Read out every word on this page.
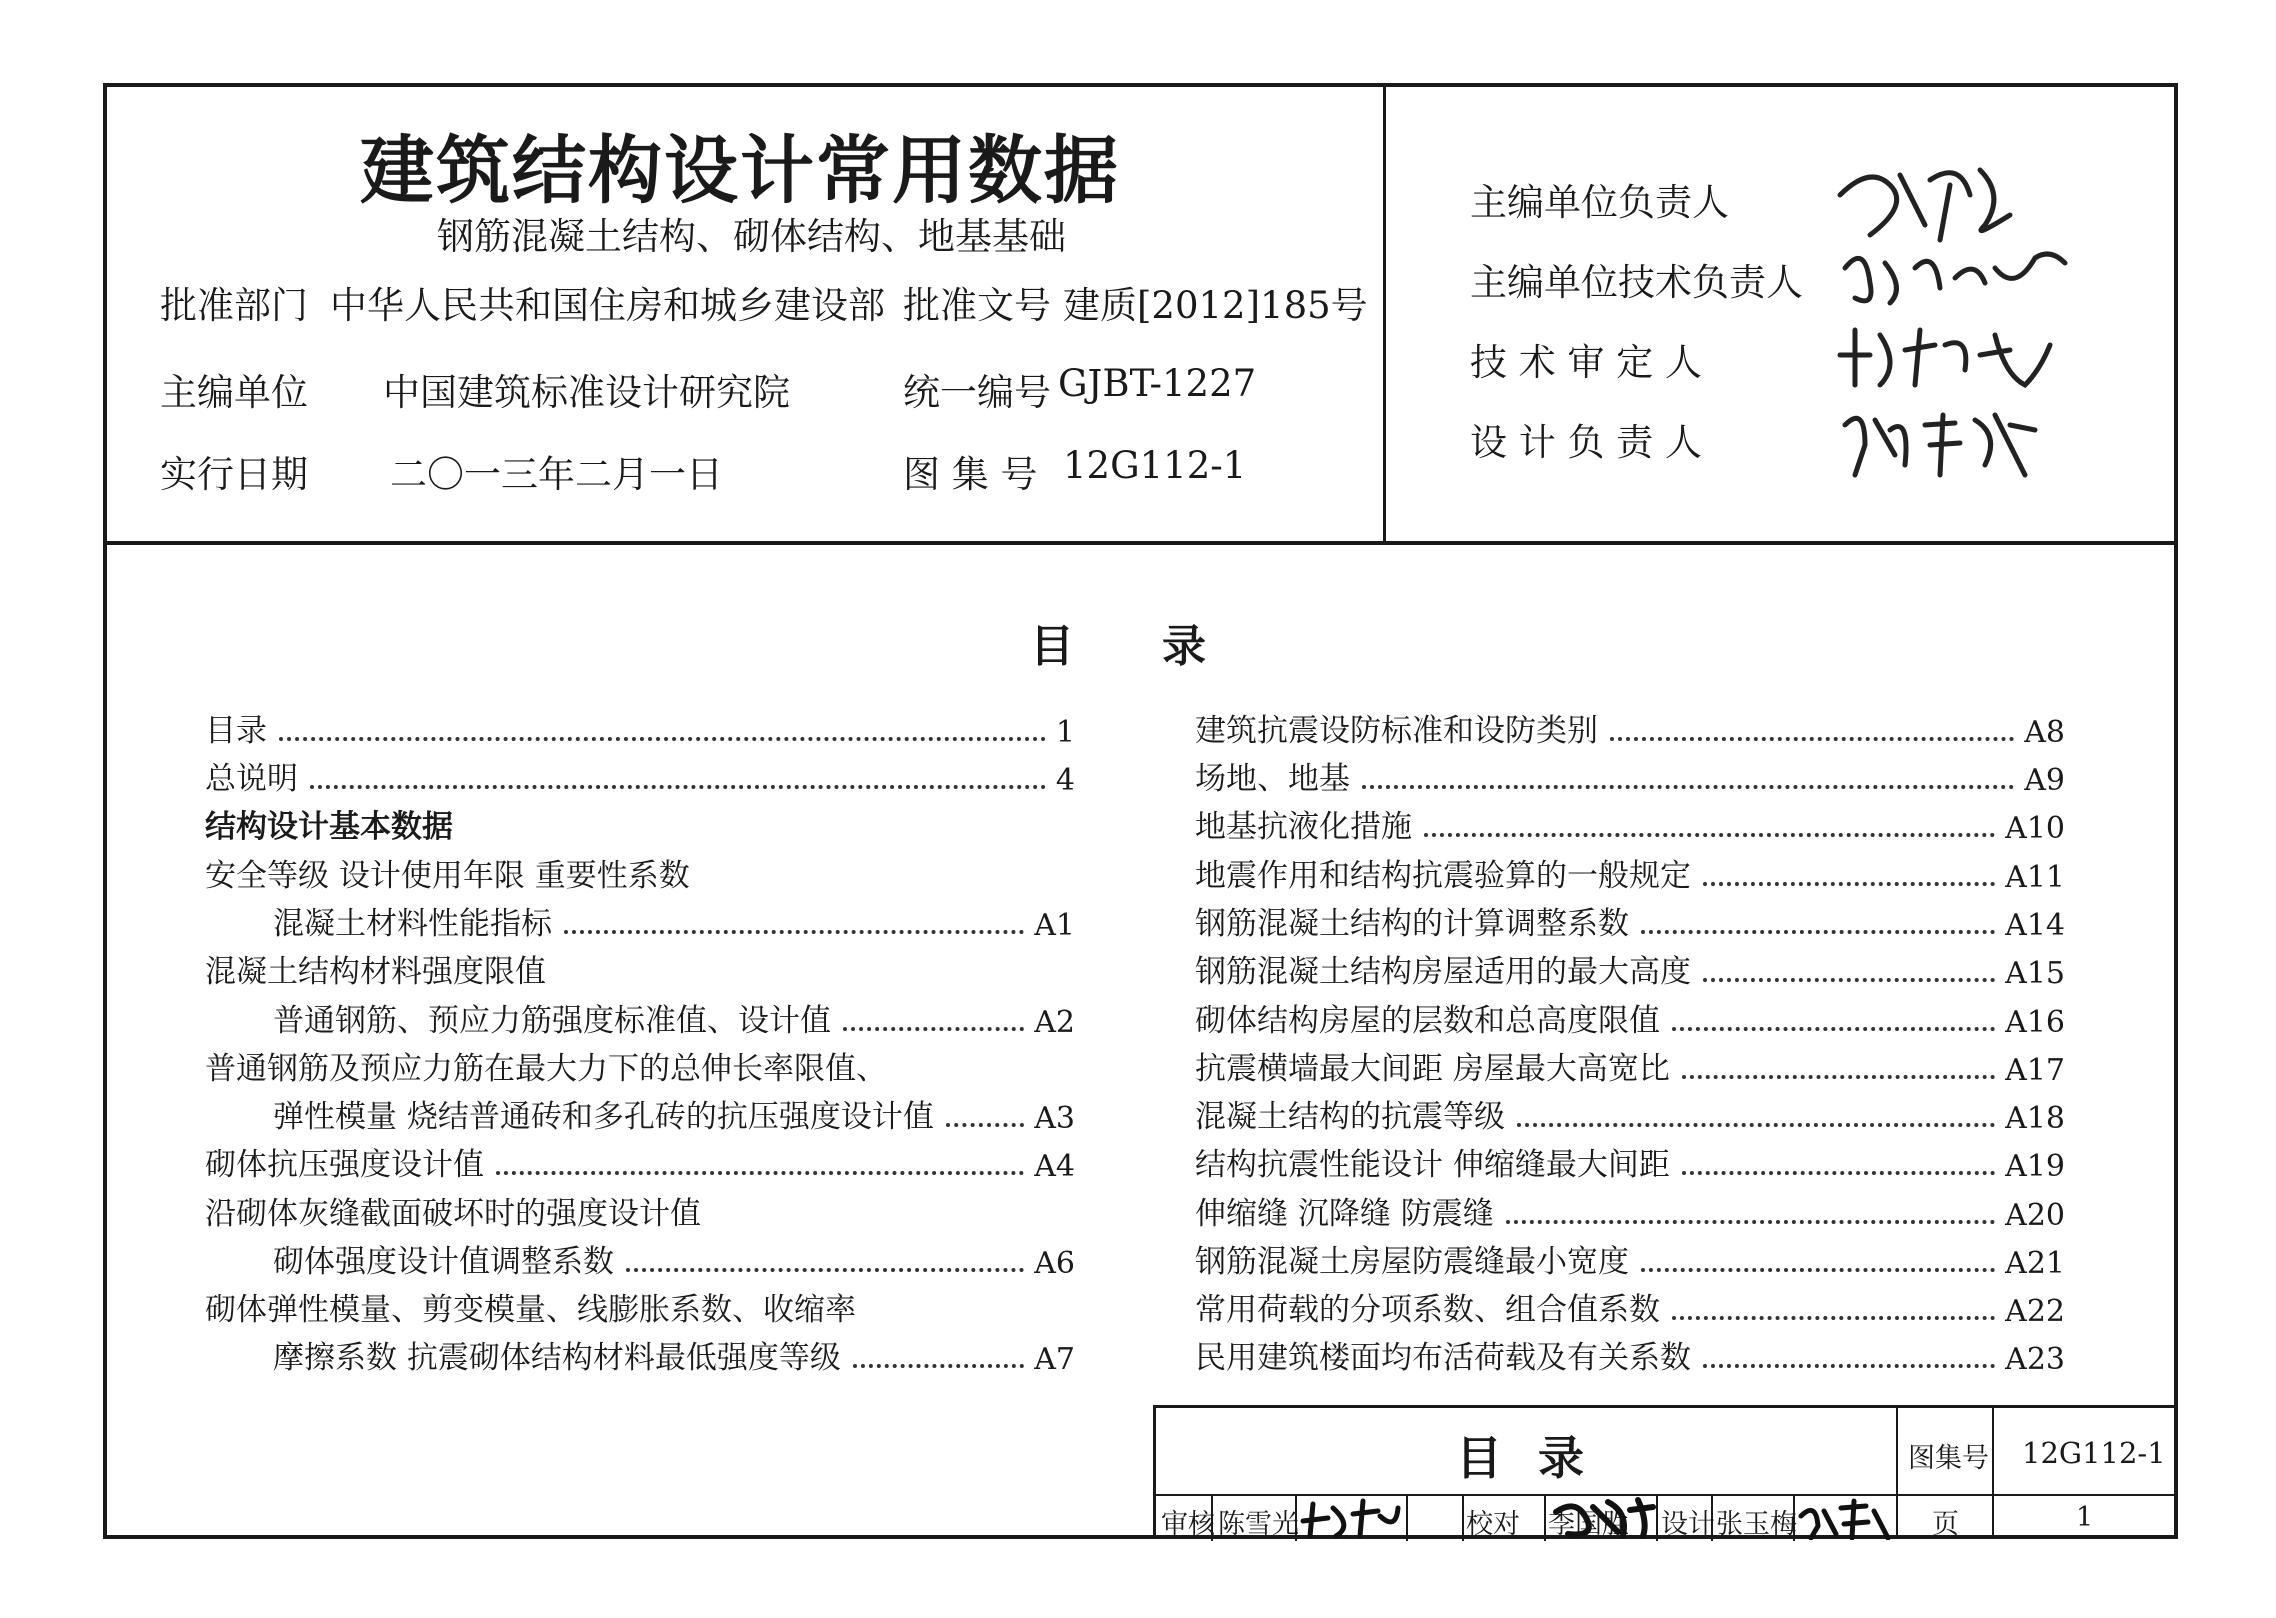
建筑结构设计常用数据
钢筋混凝土结构、砌体结构、地基基础
批准部门 中华人民共和国住房和城乡建设部 批准文号 建质[2012]185号
主编单位 中国建筑标准设计研究院	统一编号 GJBT-1227
实行日期 二〇一三年二月一日	图 集 号 12G112-1
主编单位负责人
主编单位技术负责人
技 术 审 定 人
设 计 负 责 人
目　　录
目录	1
总说明	4
结构设计基本数据
安全等级 设计使用年限 重要性系数
混凝土材料性能指标	A1
混凝土结构材料强度限值
普通钢筋、预应力筋强度标准值、设计值	A2
普通钢筋及预应力筋在最大力下的总伸长率限值、
弹性模量 烧结普通砖和多孔砖的抗压强度设计值	A3
砌体抗压强度设计值	A4
沿砌体灰缝截面破坏时的强度设计值
砌体强度设计值调整系数	A6
砌体弹性模量、剪变模量、线膨胀系数、收缩率
摩擦系数 抗震砌体结构材料最低强度等级	A7
建筑抗震设防标准和设防类别	A8
场地、地基	A9
地基抗液化措施	A10
地震作用和结构抗震验算的一般规定	A11
钢筋混凝土结构的计算调整系数	A14
钢筋混凝土结构房屋适用的最大高度	A15
砌体结构房屋的层数和总高度限值	A16
抗震横墙最大间距 房屋最大高宽比	A17
混凝土结构的抗震等级	A18
结构抗震性能设计 伸缩缝最大间距	A19
伸缩缝 沉降缝 防震缝	A20
钢筋混凝土房屋防震缝最小宽度	A21
常用荷载的分项系数、组合值系数	A22
民用建筑楼面均布活荷载及有关系数	A23
目录	图集号 12G112-1
审核 陈雪光	校对 李国胜 设计 张玉梅	页	1
